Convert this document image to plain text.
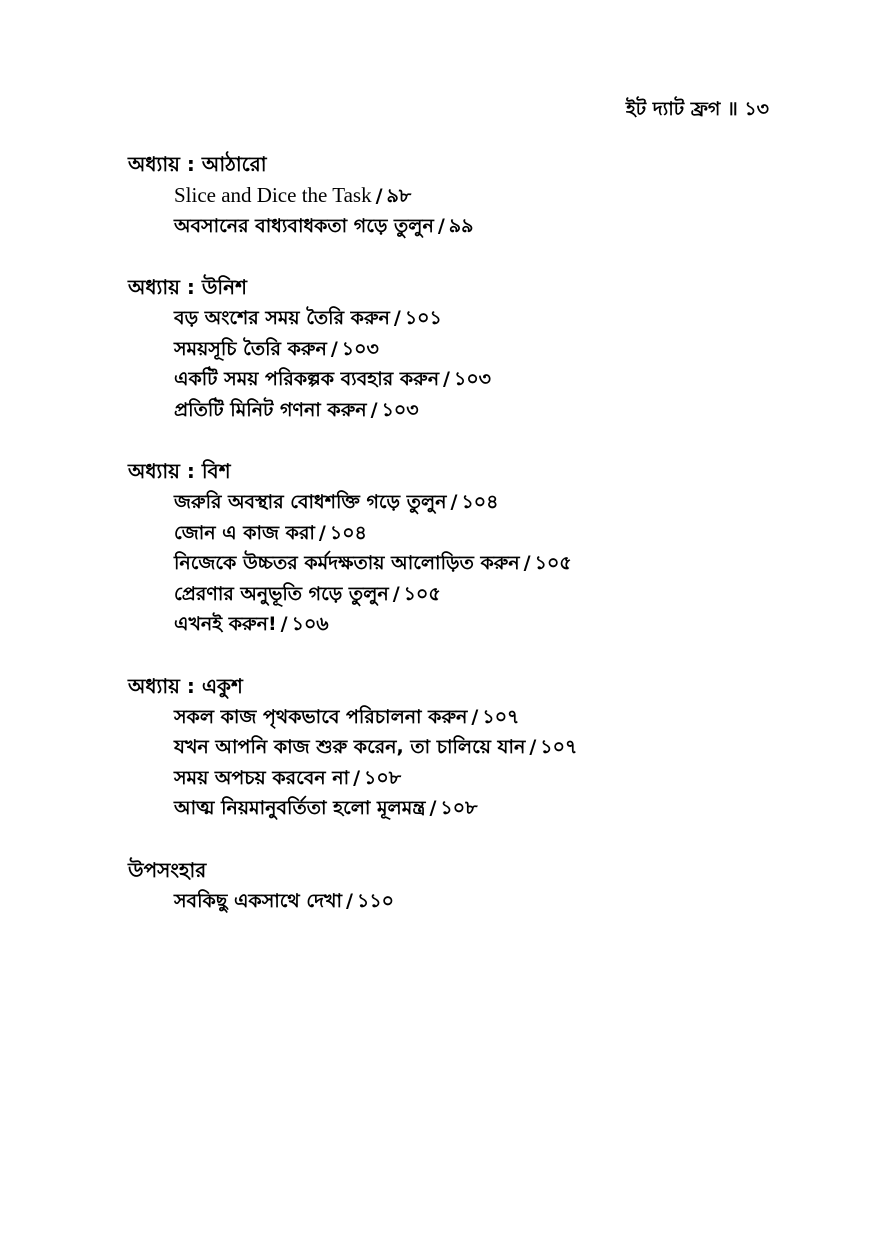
ইট দ্যাট ফ্রগ ॥ ১৩
অধ্যায় : আঠারো
Slice and Dice the Task / ৯৮
অবসানের বাধ্যবাধকতা গড়ে তুলুন / ৯৯
অধ্যায় : উনিশ
বড় অংশের সময় তৈরি করুন / ১০১
সময়সূচি তৈরি করুন / ১০৩
একটি সময় পরিকল্পক ব্যবহার করুন / ১০৩
প্রতিটি মিনিট গণনা করুন / ১০৩
অধ্যায় : বিশ
জরুরি অবস্থার বোধশক্তি গড়ে তুলুন / ১০৪
জোন এ কাজ করা / ১০৪
নিজেকে উচ্চতর কর্মদক্ষতায় আলোড়িত করুন / ১০৫
প্রেরণার অনুভূতি গড়ে তুলুন / ১০৫
এখনই করুন! / ১০৬
অধ্যায় : একুশ
সকল কাজ পৃথকভাবে পরিচালনা করুন / ১০৭
যখন আপনি কাজ শুরু করেন, তা চালিয়ে যান / ১০৭
সময় অপচয় করবেন না / ১০৮
আত্ম নিয়মানুবর্তিতা হলো মূলমন্ত্র / ১০৮
উপসংহার
সবকিছু একসাথে দেখা / ১১০
